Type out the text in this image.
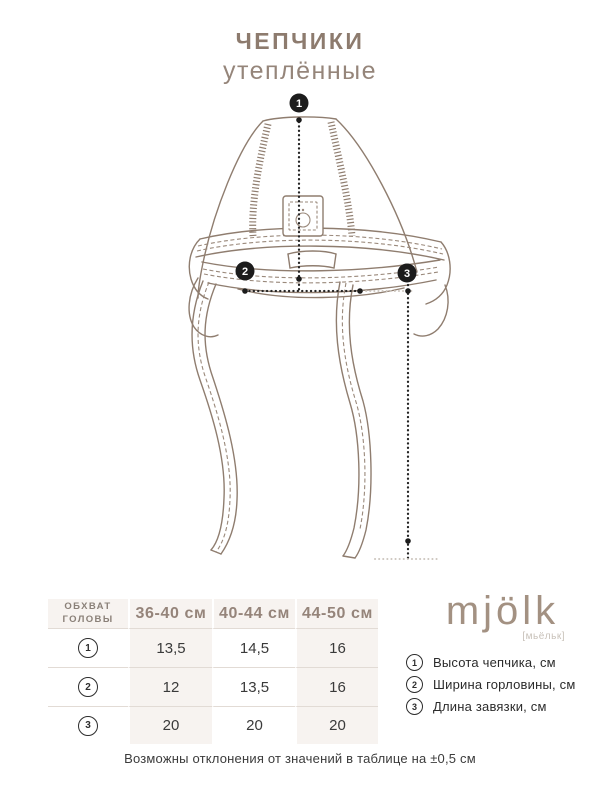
ЧЕПЧИКИ
утеплённые
1
2	3
ОБХВАТ
ГОЛОВЫ	36-40 см 40-44 см 44-50 см
1	13,5	14,5	16
2	12	13,5	16
3	20	20	20
mjölk
[мьёльк]
1	Высота чепчика, см
2	Ширина горловины, см
3	Длина завязки, см
Возможны отклонения от значений в таблице на ±0,5 см
